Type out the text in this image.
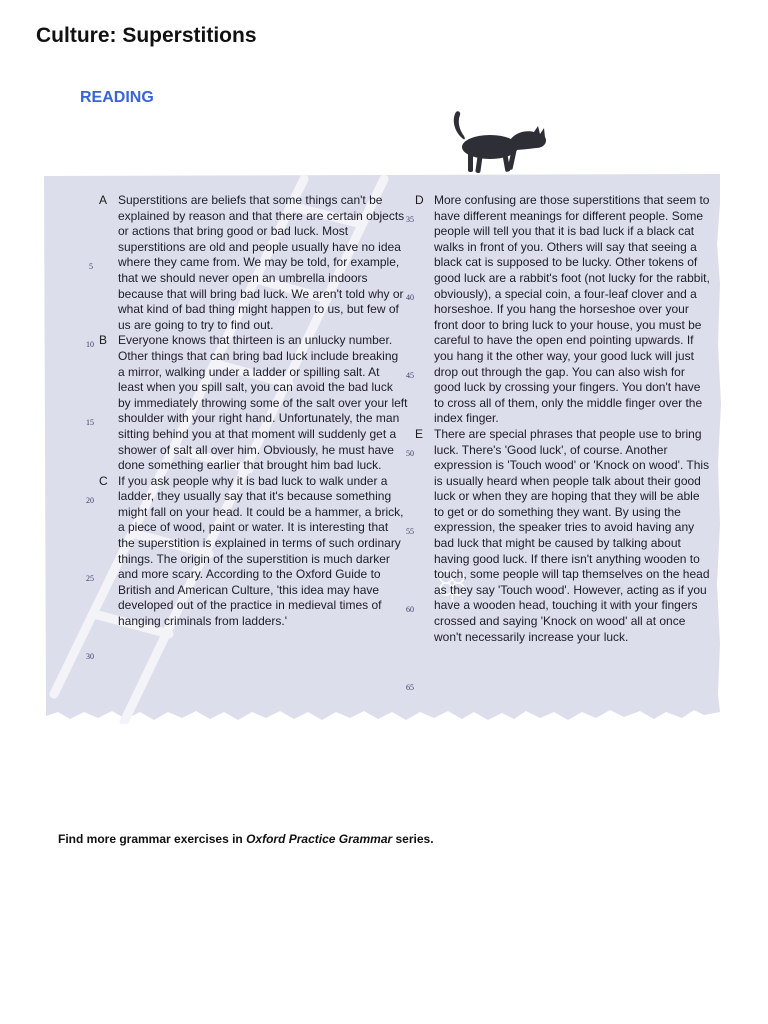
Culture: Superstitions
READING
5
10
15
20
25
30
35
40
45
50
55
60
65
A Superstitions are beliefs that some things can't be explained by reason and that there are certain objects or actions that bring good or bad luck. Most superstitions are old and people usually have no idea where they came from. We may be told, for example, that we should never open an umbrella indoors because that will bring bad luck. We aren't told why or what kind of bad thing might happen to us, but few of us are going to try to find out.
B Everyone knows that thirteen is an unlucky number. Other things that can bring bad luck include breaking a mirror, walking under a ladder or spilling salt. At least when you spill salt, you can avoid the bad luck by immediately throwing some of the salt over your left shoulder with your right hand. Unfortunately, the man sitting behind you at that moment will suddenly get a shower of salt all over him. Obviously, he must have done something earlier that brought him bad luck.
C If you ask people why it is bad luck to walk under a ladder, they usually say that it's because something might fall on your head. It could be a hammer, a brick, a piece of wood, paint or water. It is interesting that the superstition is explained in terms of such ordinary things. The origin of the superstition is much darker and more scary. According to the Oxford Guide to British and American Culture, 'this idea may have developed out of the practice in medieval times of hanging criminals from ladders.'
D More confusing are those superstitions that seem to have different meanings for different people. Some people will tell you that it is bad luck if a black cat walks in front of you. Others will say that seeing a black cat is supposed to be lucky. Other tokens of good luck are a rabbit's foot (not lucky for the rabbit, obviously), a special coin, a four-leaf clover and a horseshoe. If you hang the horseshoe over your front door to bring luck to your house, you must be careful to have the open end pointing upwards. If you hang it the other way, your good luck will just drop out through the gap. You can also wish for good luck by crossing your fingers. You don't have to cross all of them, only the middle finger over the index finger.
E There are special phrases that people use to bring luck. There's 'Good luck', of course. Another expression is 'Touch wood' or 'Knock on wood'. This is usually heard when people talk about their good luck or when they are hoping that they will be able to get or do something they want. By using the expression, the speaker tries to avoid having any bad luck that might be caused by talking about having good luck. If there isn't anything wooden to touch, some people will tap themselves on the head as they say 'Touch wood'. However, acting as if you have a wooden head, touching it with your fingers crossed and saying 'Knock on wood' all at once won't necessarily increase your luck.
Find more grammar exercises in Oxford Practice Grammar series.
